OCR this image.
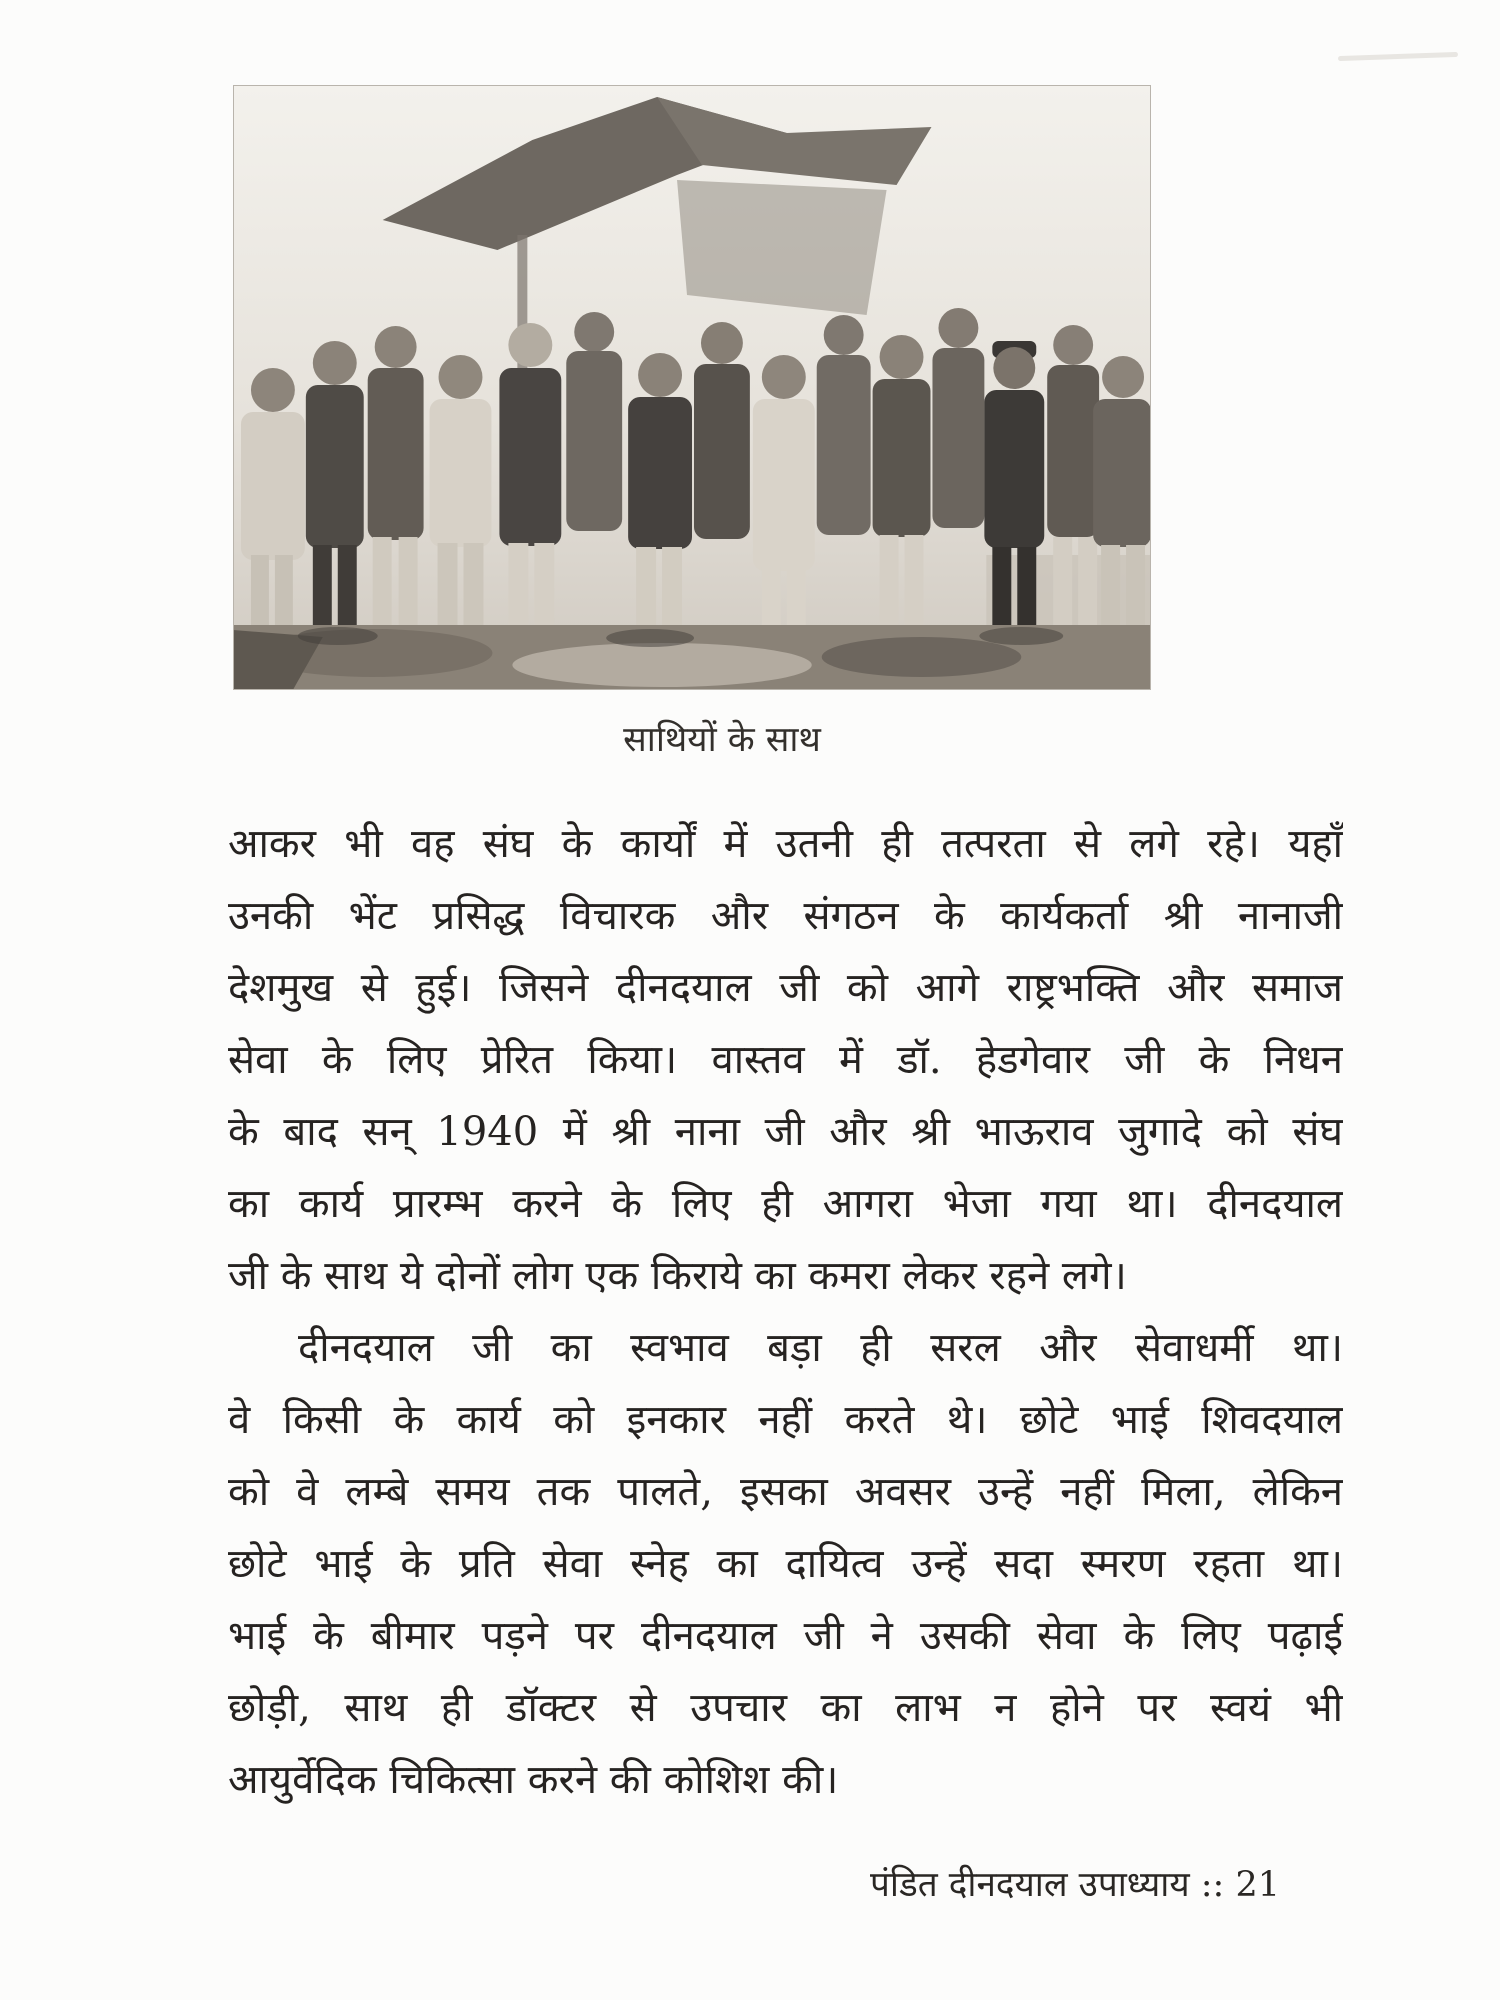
साथियों के साथ
आकर भी वह संघ के कार्यों में उतनी ही तत्परता से लगे रहे। यहाँ
उनकी भेंट प्रसिद्ध विचारक और संगठन के कार्यकर्ता श्री नानाजी
देशमुख से हुई। जिसने दीनदयाल जी को आगे राष्ट्रभक्ति और समाज
सेवा के लिए प्रेरित किया। वास्तव में डॉ. हेडगेवार जी के निधन
के बाद सन् 1940 में श्री नाना जी और श्री भाऊराव जुगादे को संघ
का कार्य प्रारम्भ करने के लिए ही आगरा भेजा गया था। दीनदयाल
जी के साथ ये दोनों लोग एक किराये का कमरा लेकर रहने लगे।
दीनदयाल जी का स्वभाव बड़ा ही सरल और सेवाधर्मी था।
वे किसी के कार्य को इनकार नहीं करते थे। छोटे भाई शिवदयाल
को वे लम्बे समय तक पालते, इसका अवसर उन्हें नहीं मिला, लेकिन
छोटे भाई के प्रति सेवा स्नेह का दायित्व उन्हें सदा स्मरण रहता था।
भाई के बीमार पड़ने पर दीनदयाल जी ने उसकी सेवा के लिए पढ़ाई
छोड़ी, साथ ही डॉक्टर से उपचार का लाभ न होने पर स्वयं भी
आयुर्वेदिक चिकित्सा करने की कोशिश की।
पंडित दीनदयाल उपाध्याय :: 21
